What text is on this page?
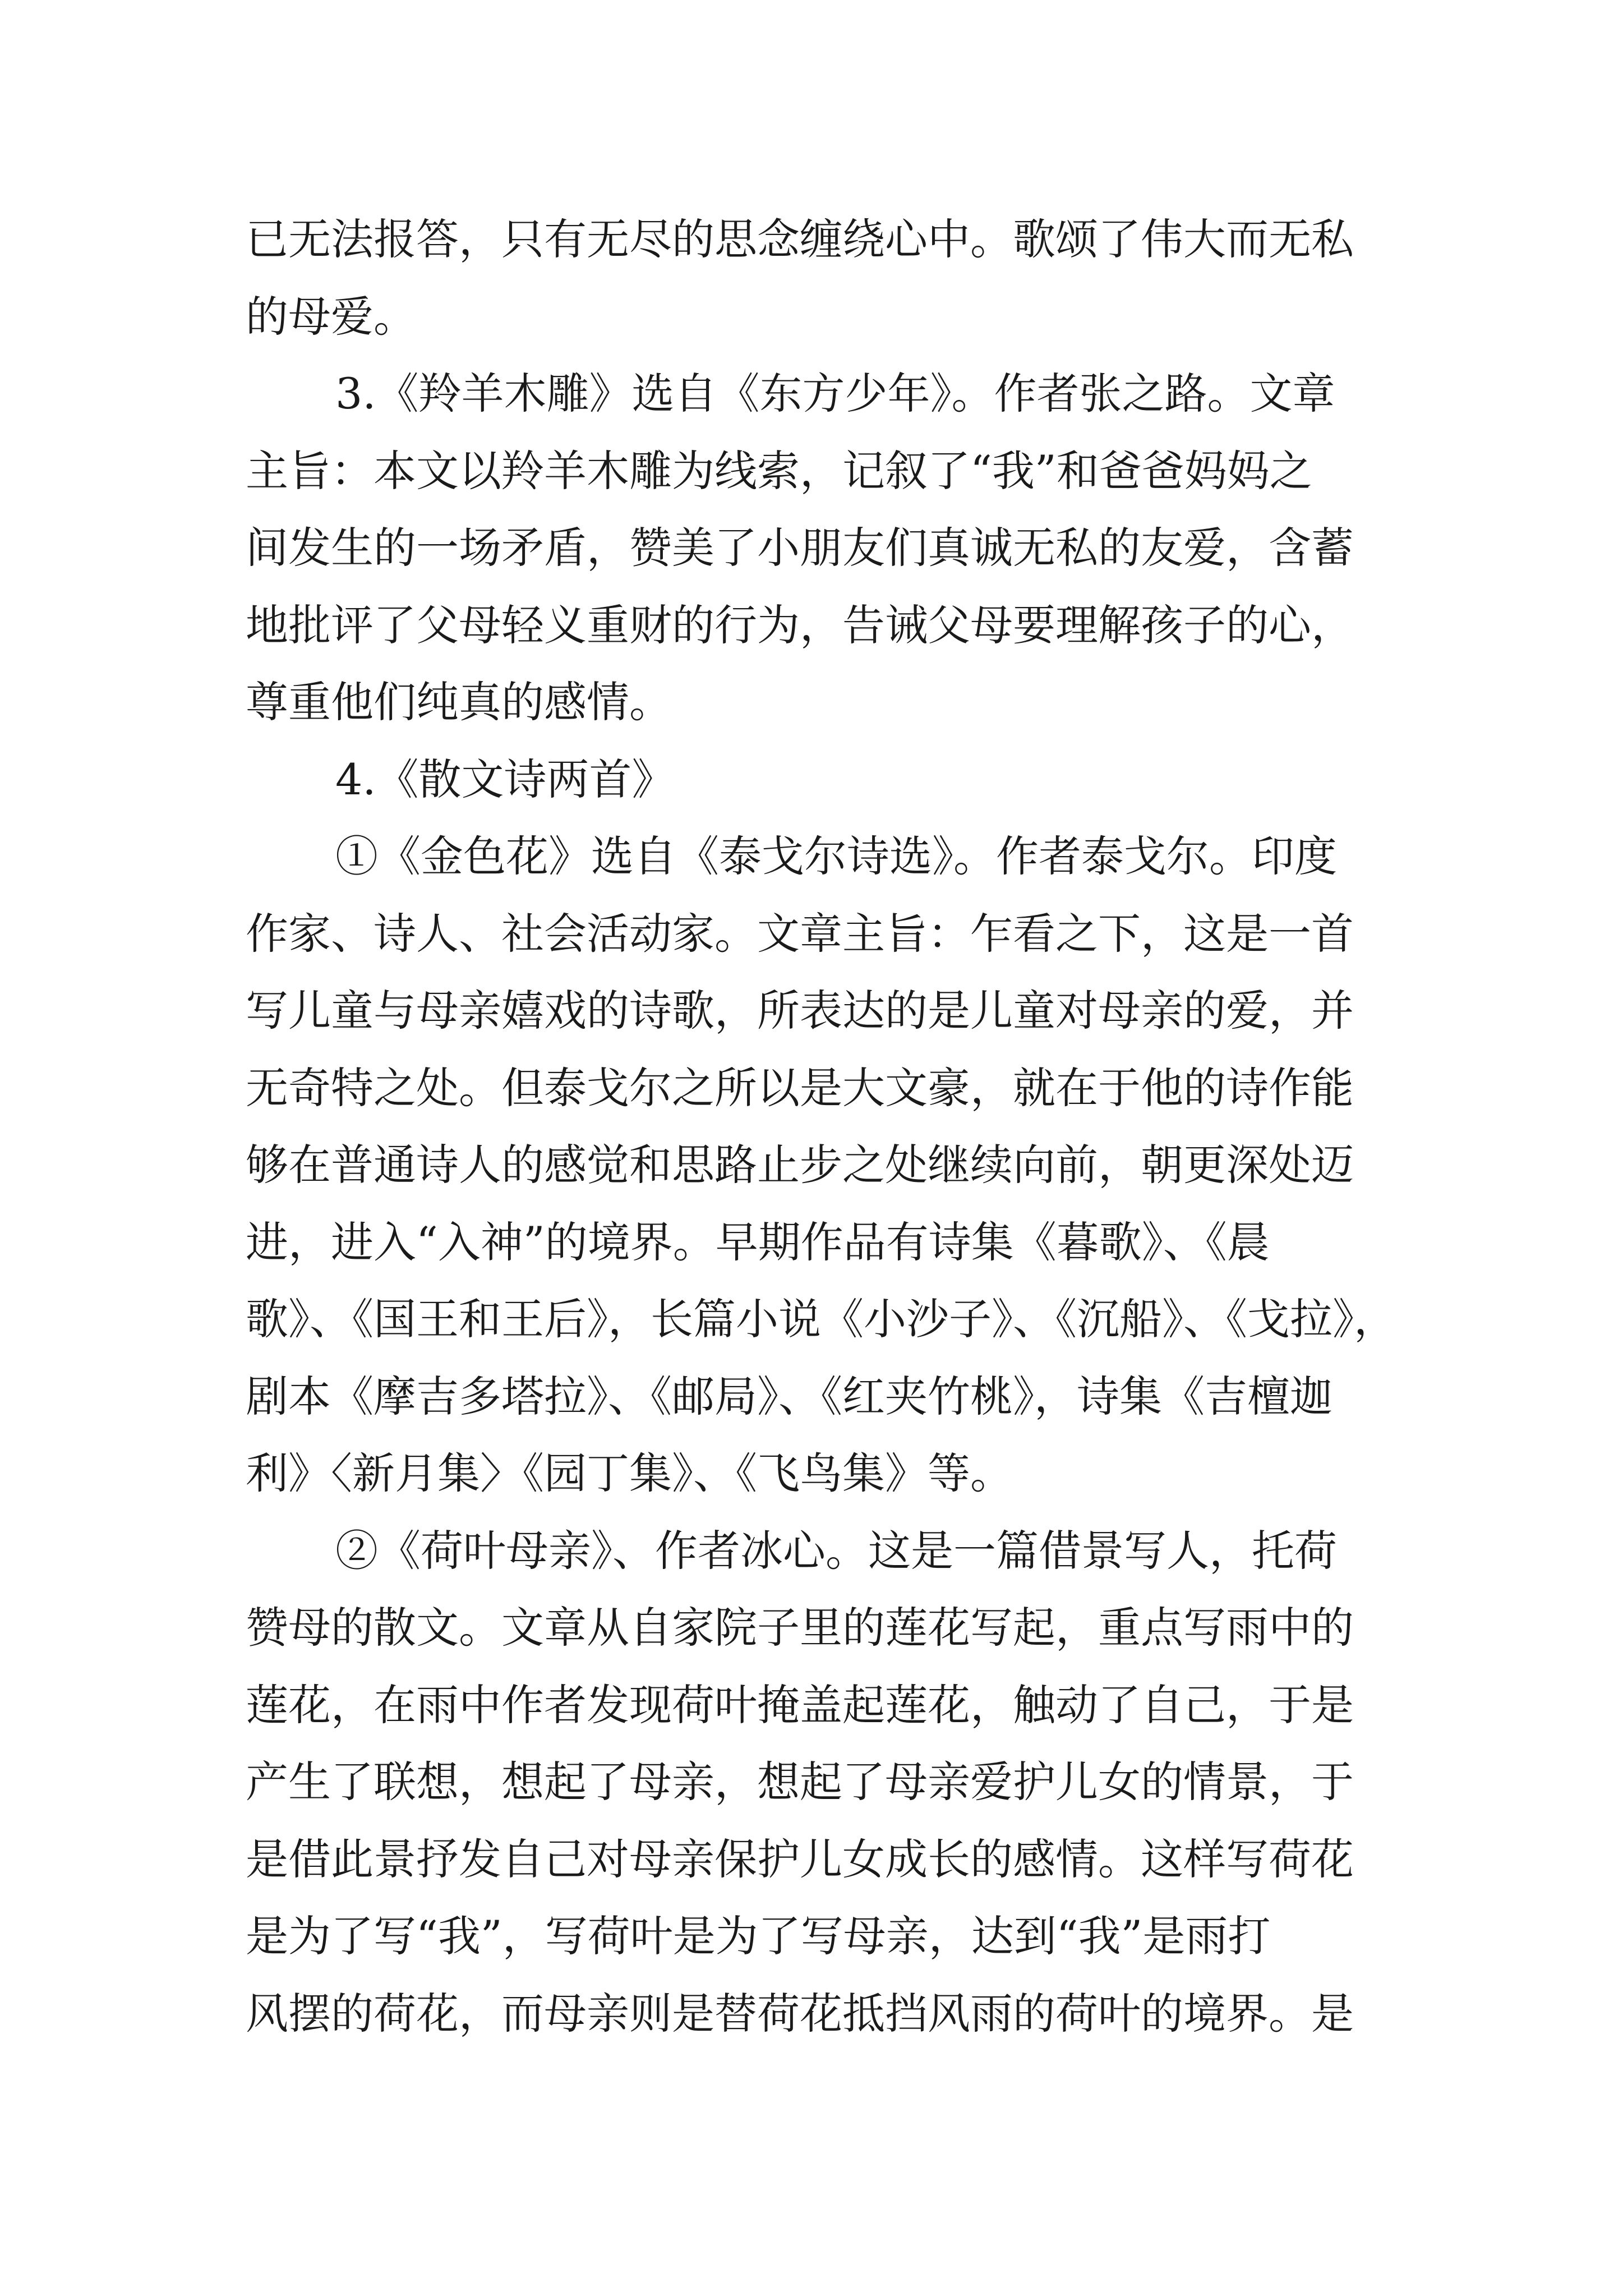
已无法报答，只有无尽的思念缠绕心中。歌颂了伟大而无私
的母爱。
3.《羚羊木雕》选自《东方少年》。作者张之路。文章
主旨：本文以羚羊木雕为线索，记叙了“我”和爸爸妈妈之
间发生的一场矛盾，赞美了小朋友们真诚无私的友爱，含蓄
地批评了父母轻义重财的行为，告诫父母要理解孩子的心，
尊重他们纯真的感情。
4.《散文诗两首》
①《金色花》选自《泰戈尔诗选》。作者泰戈尔。印度
作家、诗人、社会活动家。文章主旨：乍看之下，这是一首
写儿童与母亲嬉戏的诗歌，所表达的是儿童对母亲的爱，并
无奇特之处。但泰戈尔之所以是大文豪，就在于他的诗作能
够在普通诗人的感觉和思路止步之处继续向前，朝更深处迈
进，进入“入神”的境界。早期作品有诗集《暮歌》、《晨
歌》、《国王和王后》，长篇小说《小沙子》、《沉船》、《戈拉》，
剧本《摩吉多塔拉》、《邮局》、《红夹竹桃》，诗集《吉檀迦
利》〈新月集〉《园丁集》、《飞鸟集》等。
②《荷叶母亲》、作者冰心。这是一篇借景写人，托荷
赞母的散文。文章从自家院子里的莲花写起，重点写雨中的
莲花，在雨中作者发现荷叶掩盖起莲花，触动了自己，于是
产生了联想，想起了母亲，想起了母亲爱护儿女的情景，于
是借此景抒发自己对母亲保护儿女成长的感情。这样写荷花
是为了写“我”，写荷叶是为了写母亲，达到“我”是雨打
风摆的荷花，而母亲则是替荷花抵挡风雨的荷叶的境界。是
